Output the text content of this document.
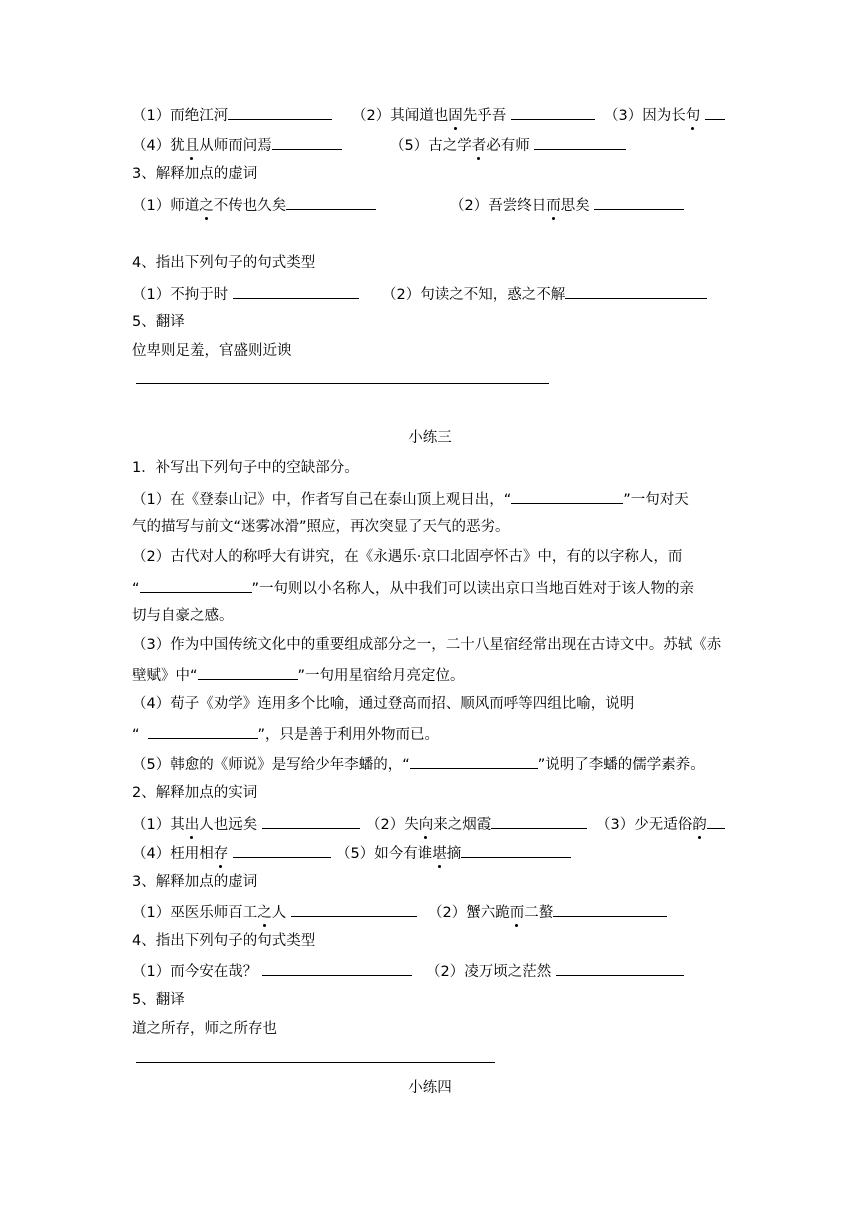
（1）而绝江河	（2）其闻道也固先乎吾	（3）因为长句
（4）犹且从师而问焉	（5）古之学者必有师
3、解释加点的虚词
（1）师道之不传也久矣	（2）吾尝终日而思矣
4、指出下列句子的句式类型
（1）不拘于时	（2）句读之不知，惑之不解
5、翻译
位卑则足羞，官盛则近谀
小练三
1．补写出下列句子中的空缺部分。
（1）在《登泰山记》中，作者写自己在泰山顶上观日出，“	”一句对天
气的描写与前文“迷雾冰滑”照应，再次突显了天气的恶劣。
（2）古代对人的称呼大有讲究，在《永遇乐·京口北固亭怀古》中，有的以字称人，而
“	”一句则以小名称人，从中我们可以读出京口当地百姓对于该人物的亲
切与自豪之感。
（3）作为中国传统文化中的重要组成部分之一，二十八星宿经常出现在古诗文中。苏轼《赤
壁赋》中“	”一句用星宿给月亮定位。
（4）荀子《劝学》连用多个比喻，通过登高而招、顺风而呼等四组比喻，说明
“	”，只是善于利用外物而已。
（5）韩愈的《师说》是写给少年李蟠的，“	”说明了李蟠的儒学素养。
2、解释加点的实词
（1）其出人也远矣	（2）失向来之烟霞	（3）少无适俗韵
（4）枉用相存	（5）如今有谁堪摘
3、解释加点的虚词
（1）巫医乐师百工之人	（2）蟹六跪而二螯
4、指出下列句子的句式类型
（1）而今安在哉？	（2）凌万顷之茫然
5、翻译
道之所存，师之所存也
小练四
